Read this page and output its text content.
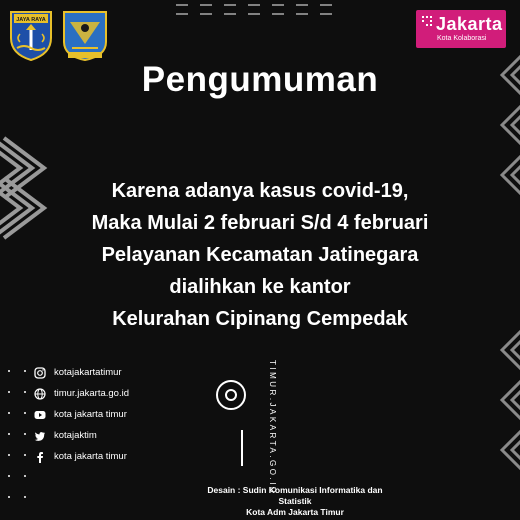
JAYA RAYA	Jakarta
Kota Kolaborasi
Pengumuman
Karena adanya kasus covid-19,
Maka Mulai 2 februari S/d 4 februari
Pelayanan Kecamatan Jatinegara
dialihkan ke kantor
Kelurahan Cipinang Cempedak
kotajakartatimur
timur.jakarta.go.id
kota jakarta timur
kotajaktim
kota jakarta timur	TIMUR.JAKARTA.GO.ID
Desain : Sudin Komunikasi Informatika dan Statistik
Kota Adm Jakarta Timur
